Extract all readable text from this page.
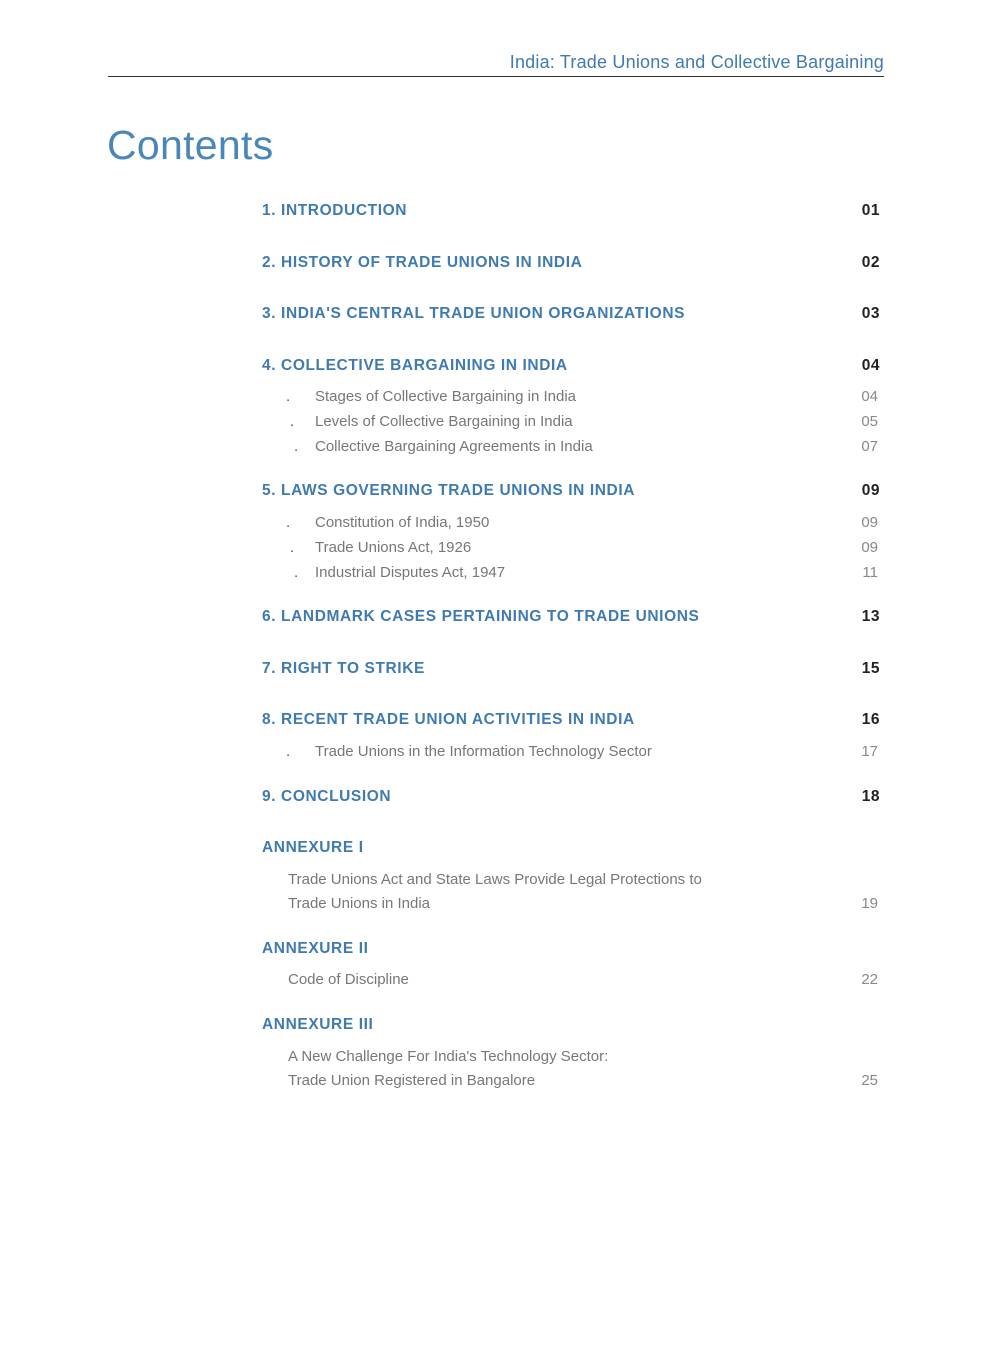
India: Trade Unions and Collective Bargaining
Contents
1. INTRODUCTION	01
2. HISTORY OF TRADE UNIONS IN INDIA	02
3. INDIA'S CENTRAL TRADE UNION ORGANIZATIONS	03
4. COLLECTIVE BARGAINING IN INDIA	04
. Stages of Collective Bargaining in India	04
. Levels of Collective Bargaining in India	05
. Collective Bargaining Agreements in India	07
5. LAWS GOVERNING TRADE UNIONS IN INDIA	09
. Constitution of India, 1950	09
. Trade Unions Act, 1926	09
. Industrial Disputes Act, 1947	11
6. LANDMARK CASES PERTAINING TO TRADE UNIONS	13
7. RIGHT TO STRIKE	15
8. RECENT TRADE UNION ACTIVITIES IN INDIA	16
. Trade Unions in the Information Technology Sector	17
9. CONCLUSION	18
ANNEXURE I
Trade Unions Act and State Laws Provide Legal Protections to
Trade Unions in India	19
ANNEXURE II
Code of Discipline	22
ANNEXURE III
A New Challenge For India's Technology Sector:
Trade Union Registered in Bangalore	25
